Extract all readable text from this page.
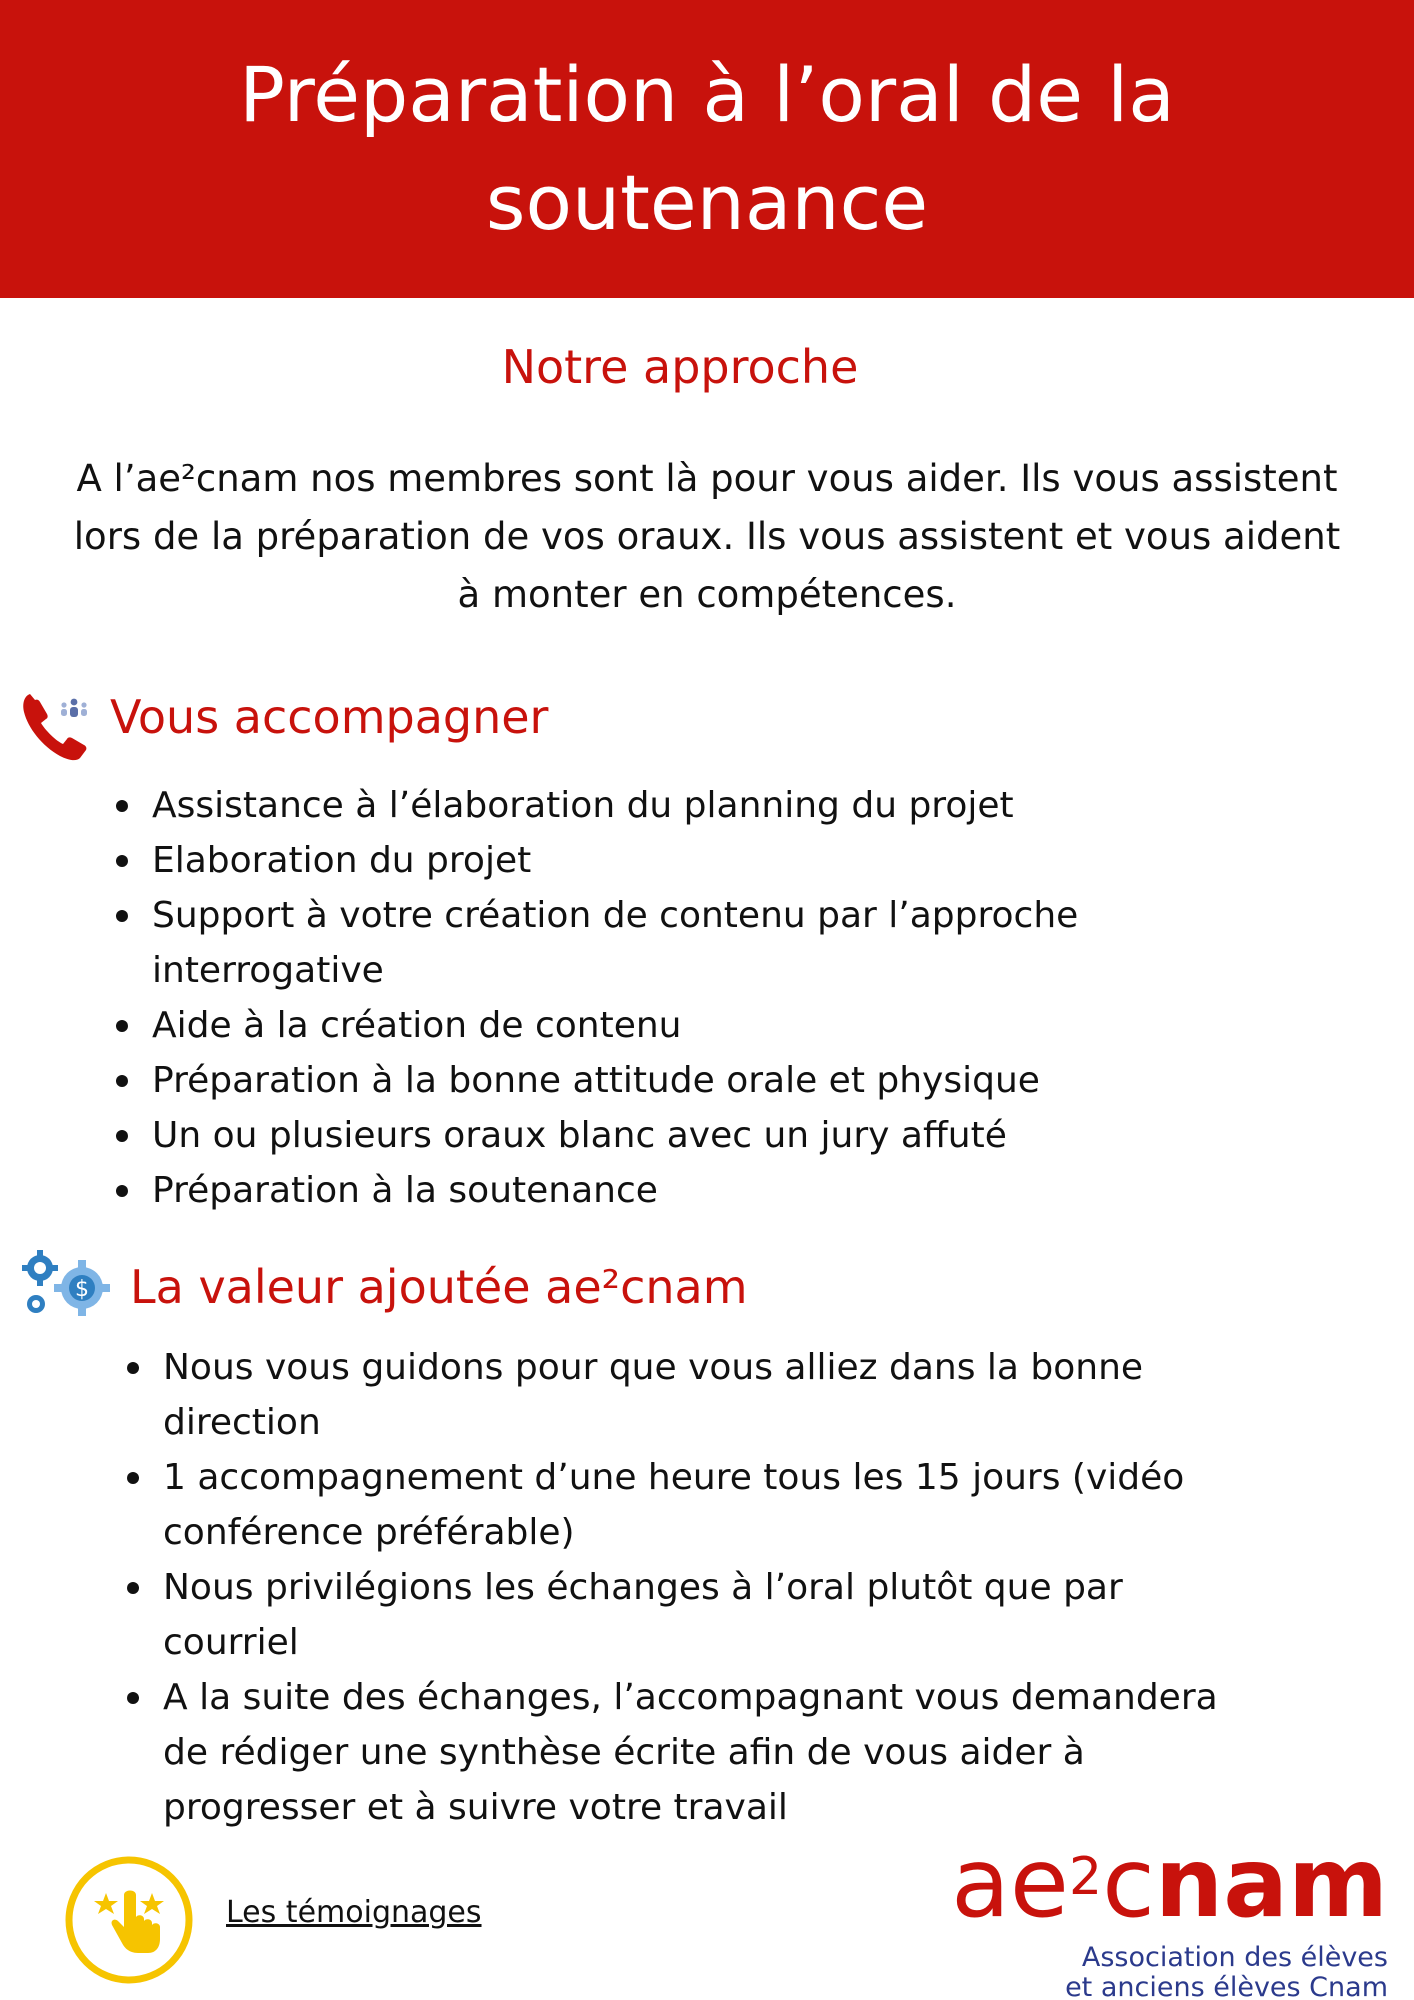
Préparation à l’oral de la
soutenance
Notre approche
A l’ae²cnam nos membres sont là pour vous aider. Ils vous assistent
lors de la préparation de vos oraux. Ils vous assistent et vous aident
à monter en compétences.
Vous accompagner
Assistance à l’élaboration du planning du projet
Elaboration du projet
Support à votre création de contenu par l’approche
interrogative
Aide à la création de contenu
Préparation à la bonne attitude orale et physique
Un ou plusieurs oraux blanc avec un jury affuté
Préparation à la soutenance
$ La valeur ajoutée ae²cnam
Nous vous guidons pour que vous alliez dans la bonne
direction
1 accompagnement d’une heure tous les 15 jours (vidéo
conférence préférable)
Nous privilégions les échanges à l’oral plutôt que par
courriel
A la suite des échanges, l’accompagnant vous demandera
de rédiger une synthèse écrite afin de vous aider à
progresser et à suivre votre travail
Les témoignages	$ae^2cnam$
Association des élèves
et anciens élèves Cnam
